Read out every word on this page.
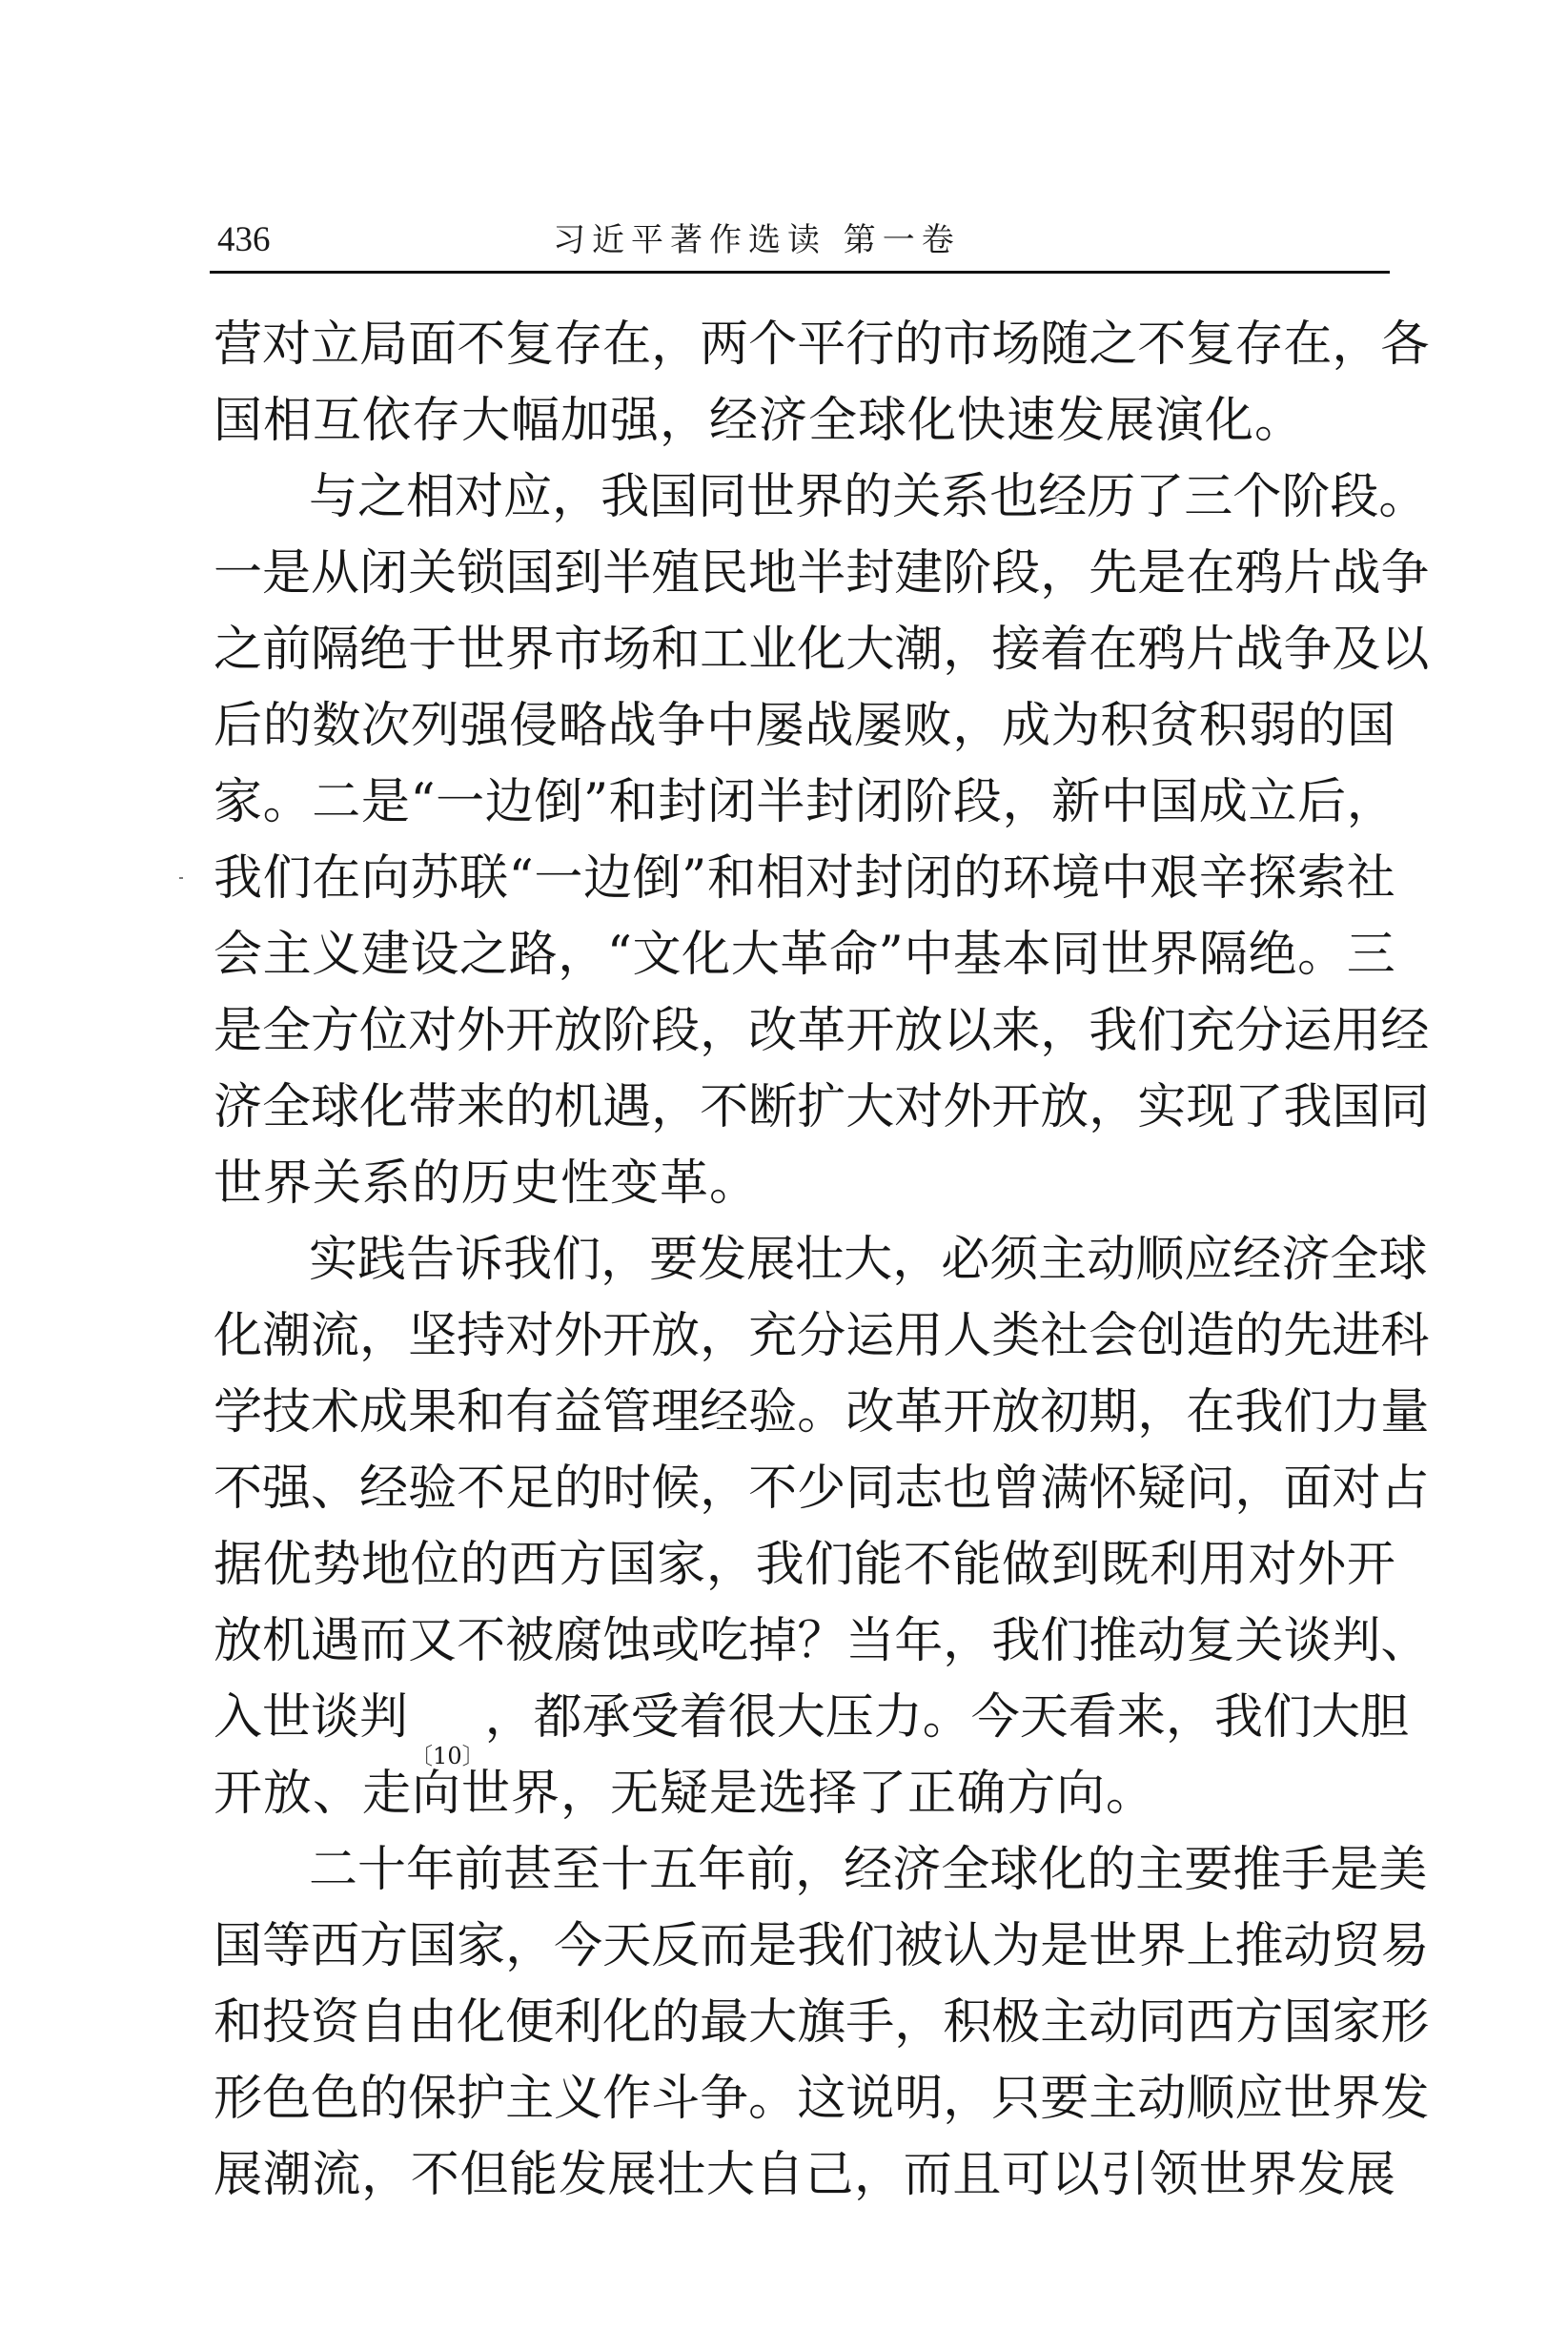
436	习近平著作选读 第一卷
营 对 立 局 面 不 复 存 在 ， 两 个 平 行 的 市 场 随 之 不 复 存 在 ， 各
国相互依存大幅加强，经济全球化快速发展演化。
与 之 相 对 应 ， 我 国 同 世 界 的 关 系 也 经 历 了 三 个 阶 段 。
一 是 从 闭 关 锁 国 到 半 殖 民 地 半 封 建 阶 段 ， 先 是 在 鸦 片 战 争
之 前 隔 绝 于 世 界 市 场 和 工 业 化 大 潮 ， 接 着 在 鸦 片 战 争 及 以
后 的 数 次 列 强 侵 略 战 争 中 屡 战 屡 败 ， 成 为 积 贫 积 弱 的 国
家 。 二 是 “ 一 边 倒 ” 和 封 闭 半 封 闭 阶 段 ， 新 中 国 成 立 后 ，
我 们 在 向 苏 联 “ 一 边 倒 ” 和 相 对 封 闭 的 环 境 中 艰 辛 探 索 社
会 主 义 建 设 之 路 ， “ 文 化 大 革 命 ” 中 基 本 同 世 界 隔 绝 。 三
是 全 方 位 对 外 开 放 阶 段 ， 改 革 开 放 以 来 ， 我 们 充 分 运 用 经
济 全 球 化 带 来 的 机 遇 ， 不 断 扩 大 对 外 开 放 ， 实 现 了 我 国 同
世界关系的历史性变革。
实 践 告 诉 我 们 ， 要 发 展 壮 大 ， 必 须 主 动 顺 应 经 济 全 球
化 潮 流 ， 坚 持 对 外 开 放 ， 充 分 运 用 人 类 社 会 创 造 的 先 进 科
学 技 术 成 果 和 有 益 管 理 经 验 。 改 革 开 放 初 期 ， 在 我 们 力 量
不 强 、 经 验 不 足 的 时 候 ， 不 少 同 志 也 曾 满 怀 疑 问 ， 面 对 占
据 优 势 地 位 的 西 方 国 家 ， 我 们 能 不 能 做 到 既 利 用 对 外 开
放 机 遇 而 又 不 被 腐 蚀 或 吃 掉 ？ 当 年 ， 我 们 推 动 复 关 谈 判 、
入 世 谈 判
〔10〕
， 都 承 受 着 很 大 压 力 。 今 天 看 来 ， 我 们 大 胆
开放、走向世界，无疑是选择了正确方向。
二 十 年 前 甚 至 十 五 年 前 ， 经 济 全 球 化 的 主 要 推 手 是 美
国 等 西 方 国 家 ， 今 天 反 而 是 我 们 被 认 为 是 世 界 上 推 动 贸 易
和 投 资 自 由 化 便 利 化 的 最 大 旗 手 ， 积 极 主 动 同 西 方 国 家 形
形 色 色 的 保 护 主 义 作 斗 争 。 这 说 明 ， 只 要 主 动 顺 应 世 界 发
展 潮 流 ， 不 但 能 发 展 壮 大 自 己 ， 而 且 可 以 引 领 世 界 发 展
